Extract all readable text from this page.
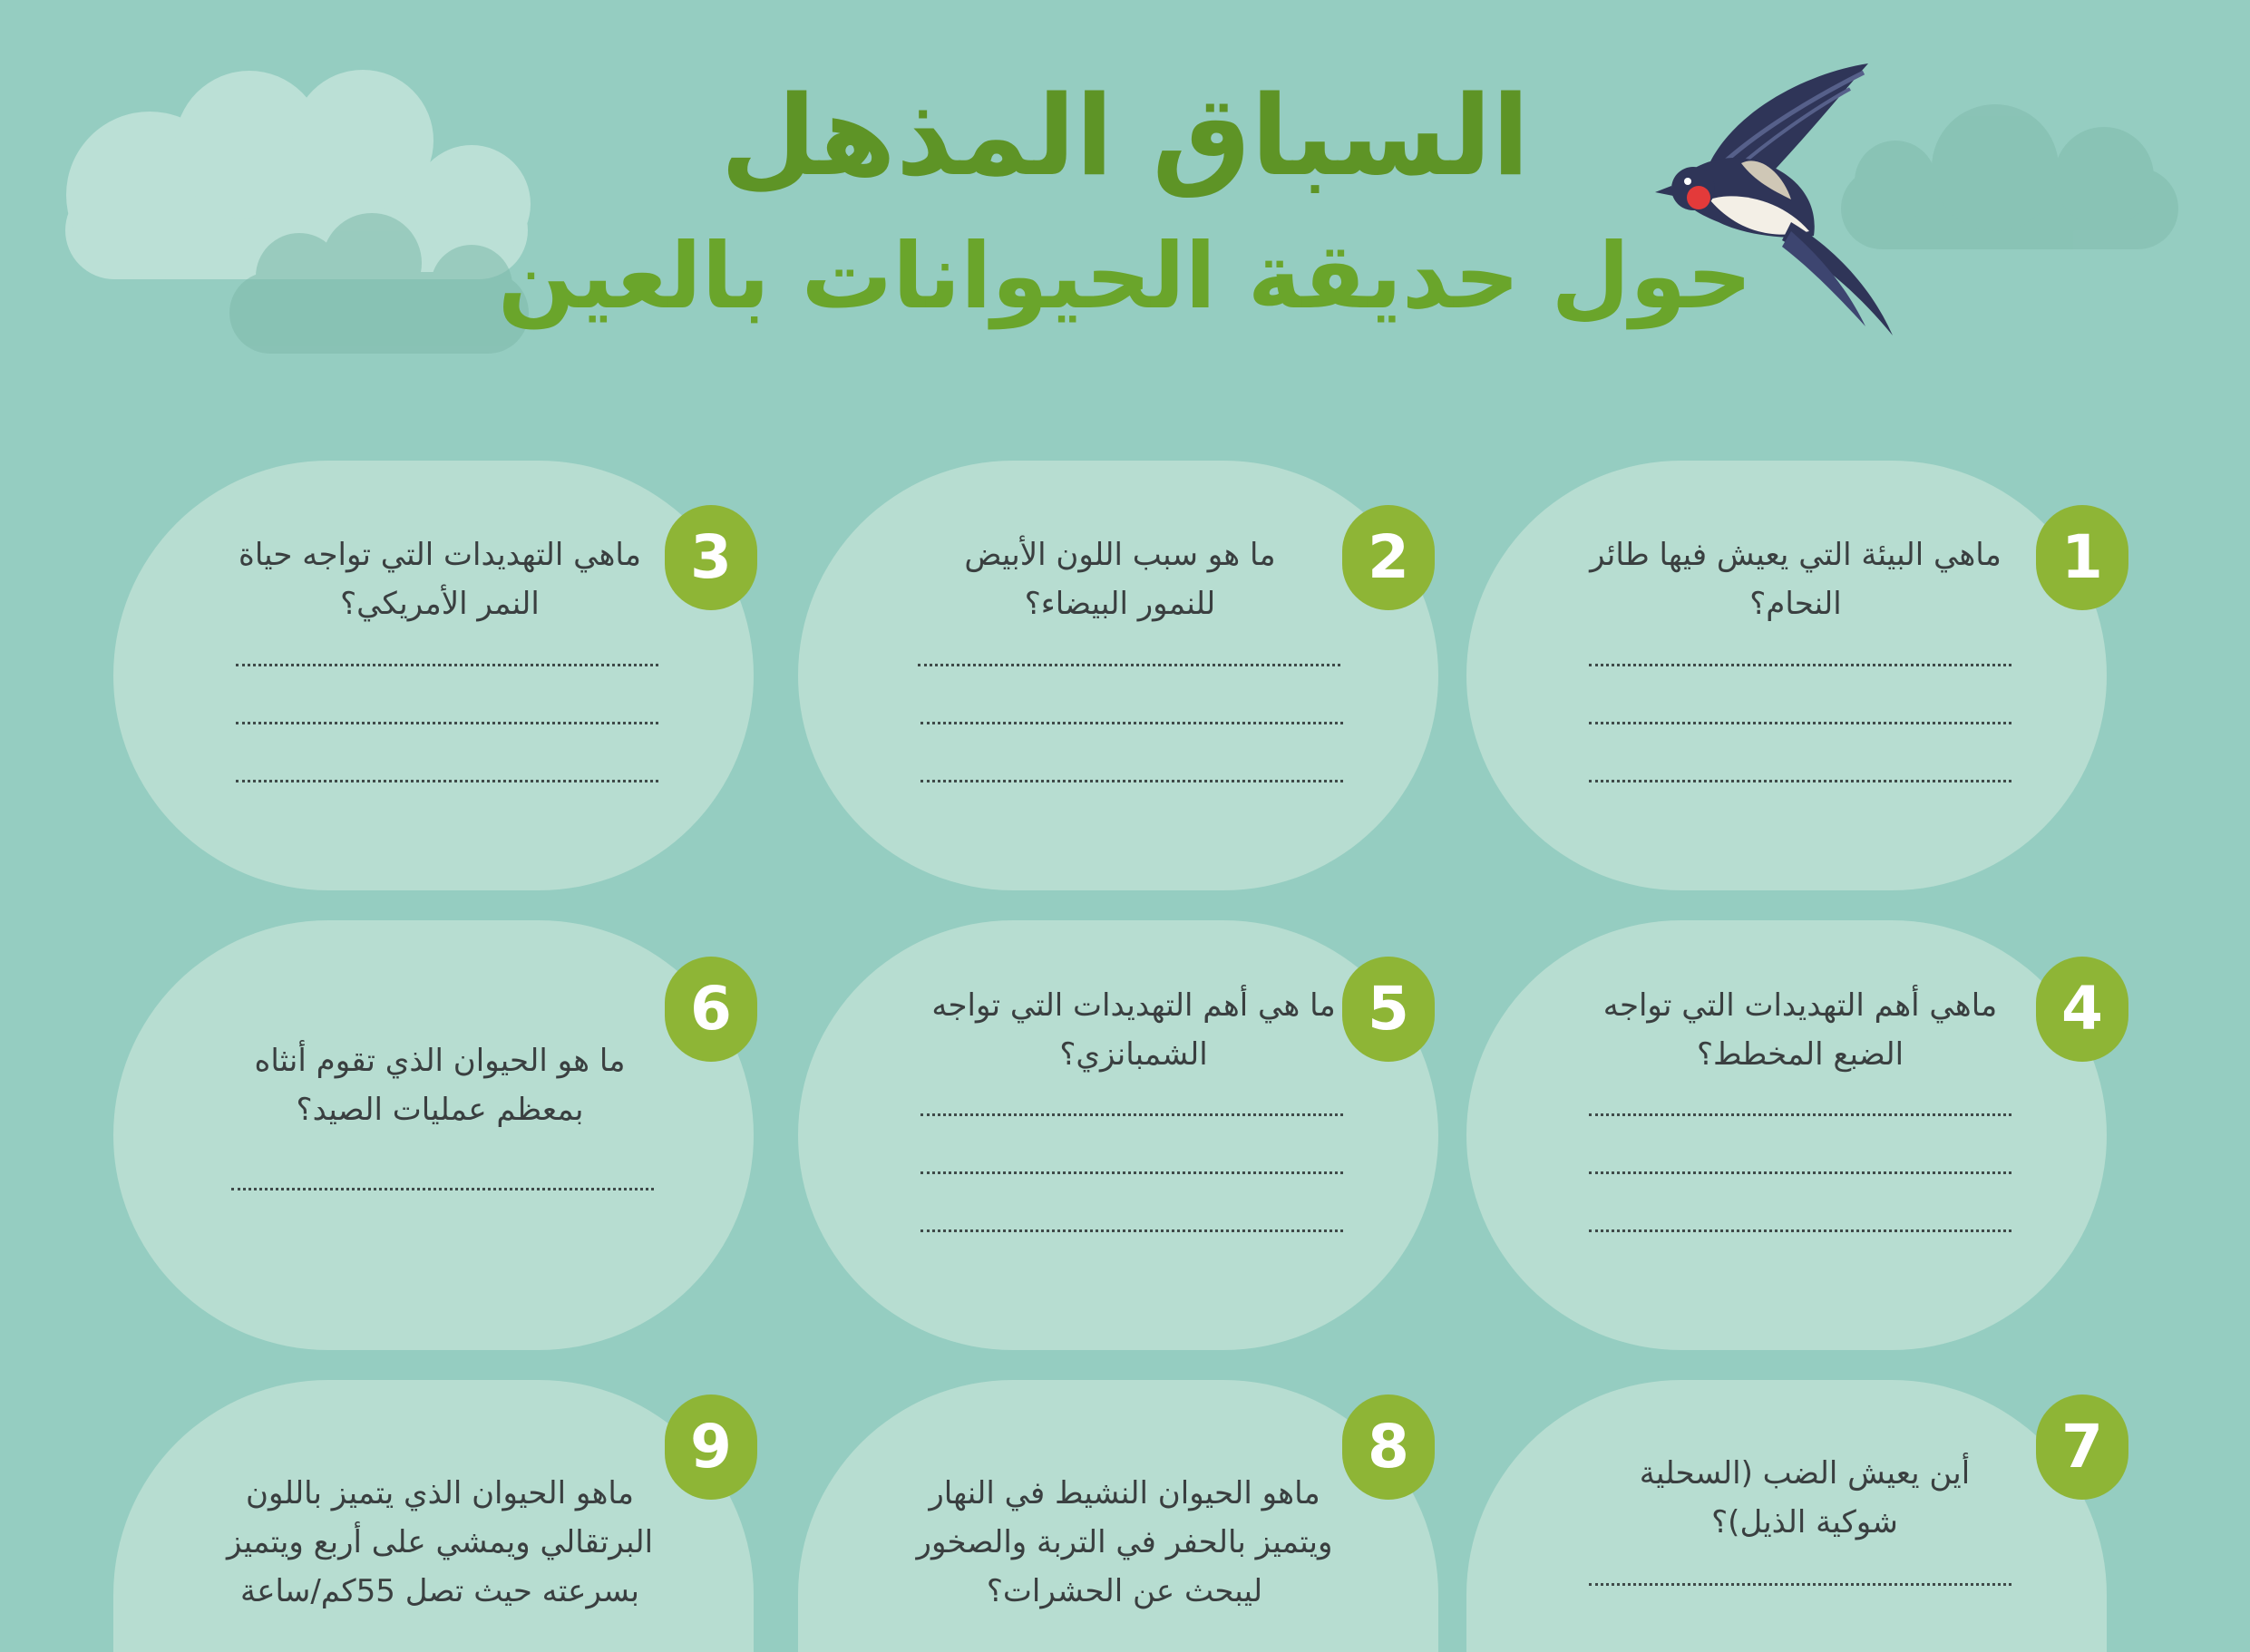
السباق المذهل
حول حديقة الحيوانات بالعين
1
ماهي البيئة التي يعيش فيها طائر النحام؟
2
ما هو سبب اللون الأبيض للنمور البيضاء؟
3
ماهي التهديدات التي تواجه حياة النمر الأمريكي؟
4
ماهي أهم التهديدات التي تواجه الضبع المخطط؟
5
ما هي أهم التهديدات التي تواجه الشمبانزي؟
6
ما هو الحيوان الذي تقوم أنثاه بمعظم عمليات الصيد؟
7
أين يعيش الضب (السحلية شوكية الذيل)؟
8
ماهو الحيوان النشيط في النهار ويتميز بالحفر في التربة والصخور ليبحث عن الحشرات؟
9
ماهو الحيوان الذي يتميز باللون البرتقالي ويمشي على أربع ويتميز بسرعته حيث تصل 55كم/ساعة
